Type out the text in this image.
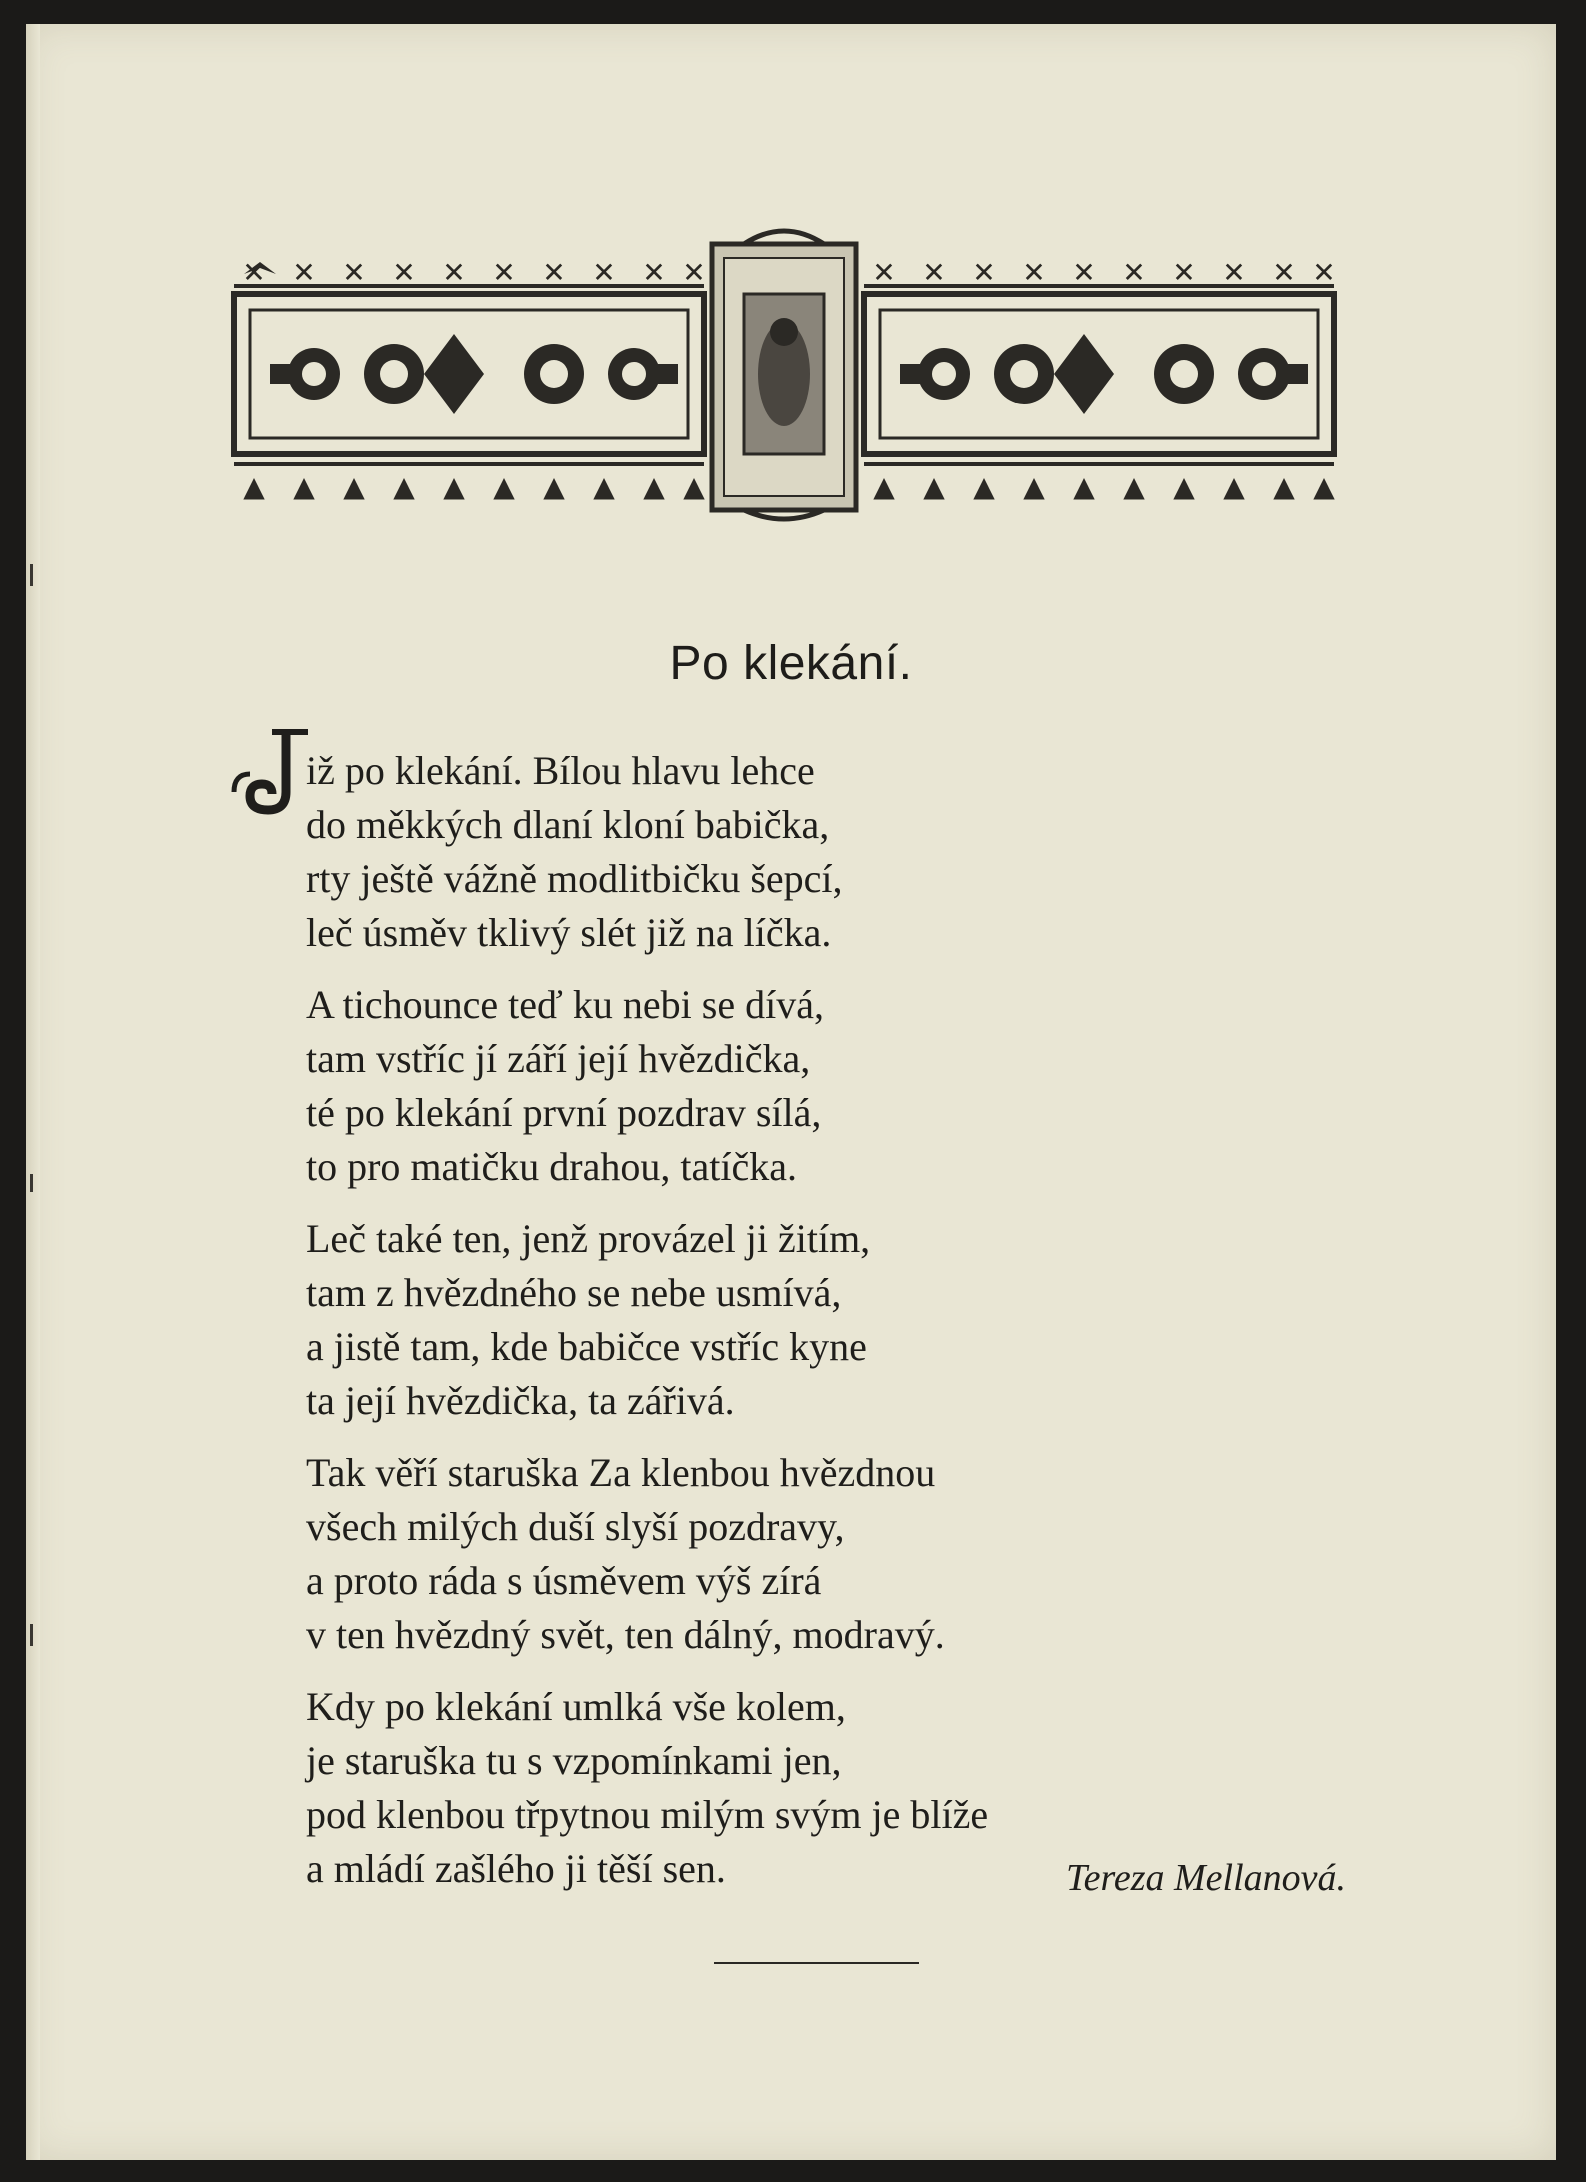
✕ ✕ ✕ ✕ ✕ ✕ ✕ ✕ ✕ ✕	✕ ✕ ✕ ✕ ✕ ✕ ✕ ✕ ✕ ✕
▲ ▲ ▲ ▲ ▲ ▲ ▲ ▲ ▲ ▲	▲ ▲ ▲ ▲ ▲ ▲ ▲ ▲ ▲ ▲
Po klekání.
J
iž po klekání. Bílou hlavu lehce
do měkkých dlaní kloní babička,
rty ještě vážně modlitbičku šepcí,
leč úsměv tklivý slét již na líčka.
A tichounce teď ku nebi se dívá,
tam vstříc jí září její hvězdička,
té po klekání první pozdrav sílá,
to pro matičku drahou, tatíčka.
Leč také ten, jenž provázel ji žitím,
tam z hvězdného se nebe usmívá,
a jistě tam, kde babičce vstříc kyne
ta její hvězdička, ta zářivá.
Tak věří staruška Za klenbou hvězdnou
všech milých duší slyší pozdravy,
a proto ráda s úsměvem výš zírá
v ten hvězdný svět, ten dálný, modravý.
Kdy po klekání umlká vše kolem,
je staruška tu s vzpomínkami jen,
pod klenbou třpytnou milým svým je blíže
a mládí zašlého ji těší sen.	Tereza Mellanová.
